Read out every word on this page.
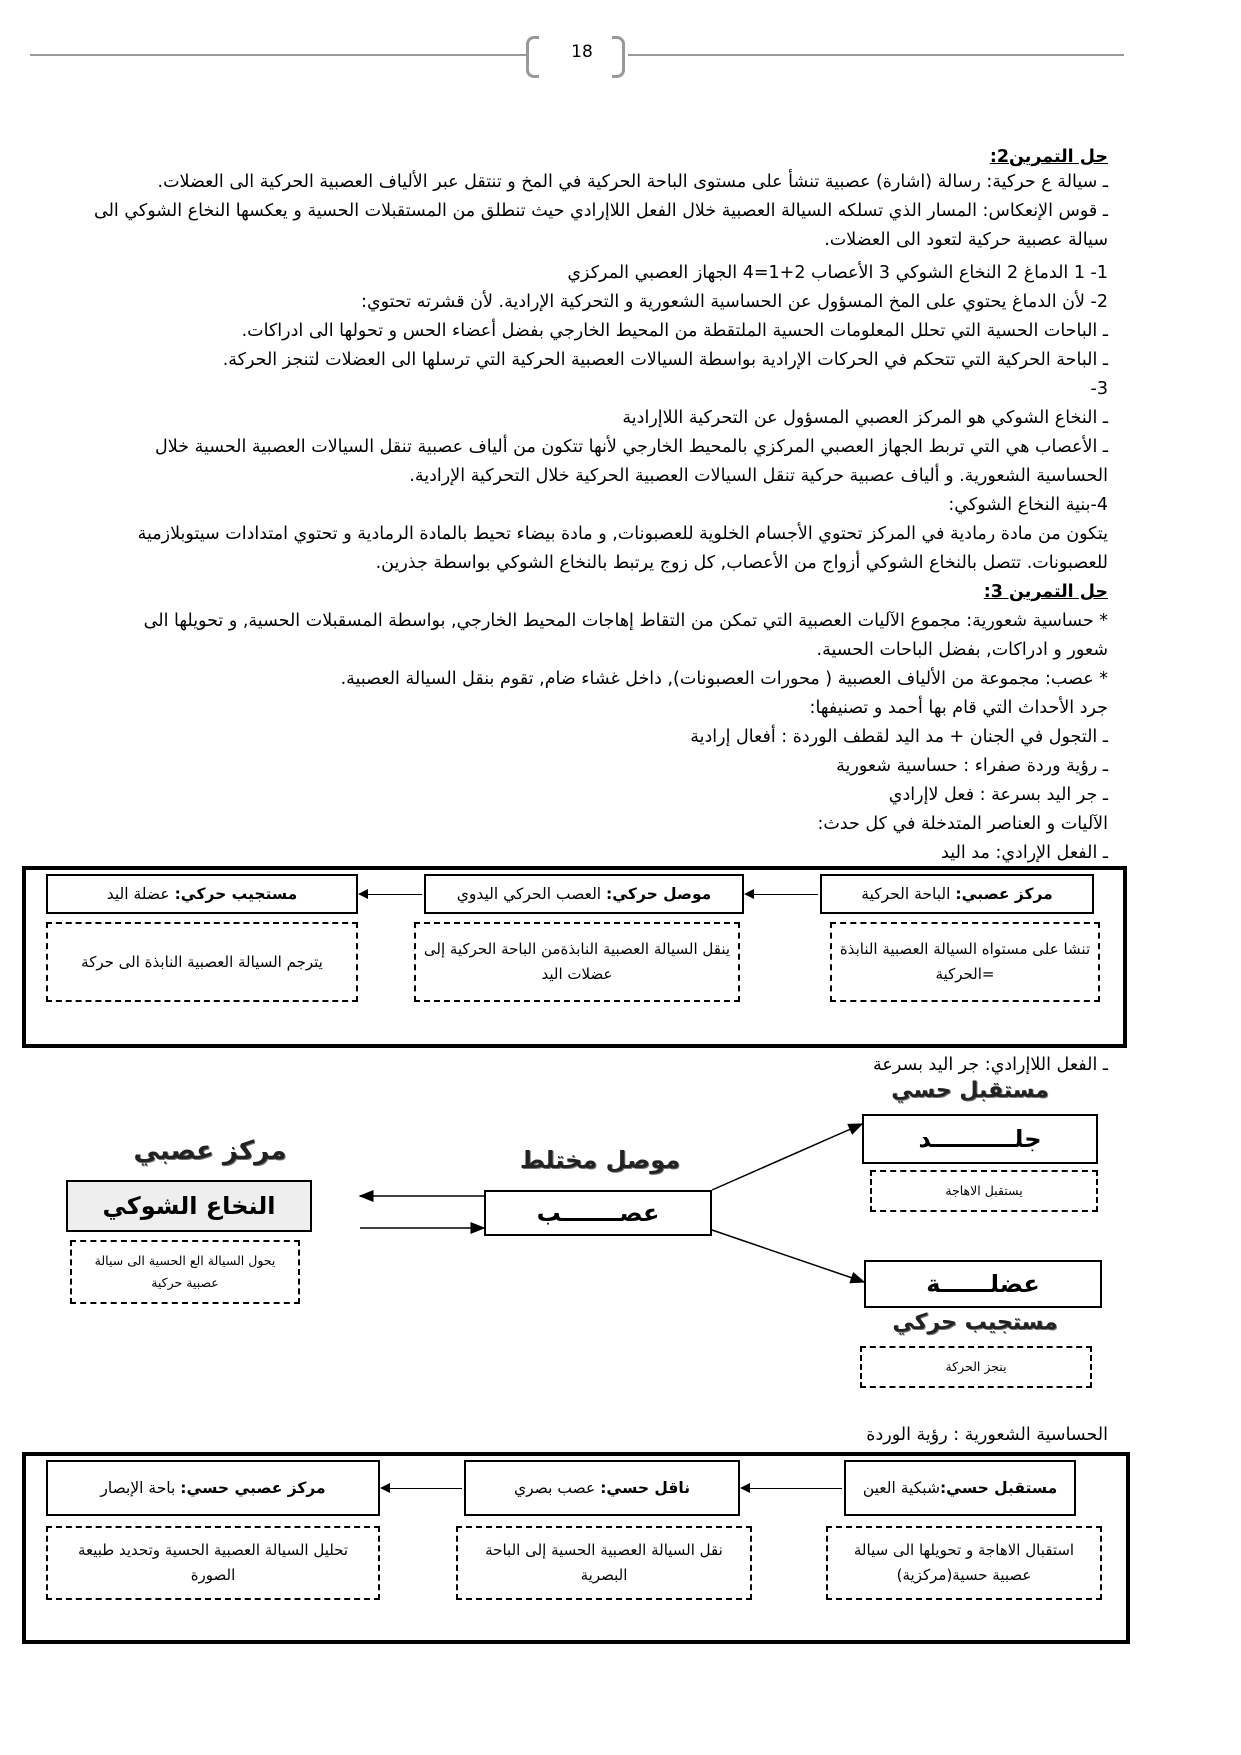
18
حل التمرين2:
ـ سيالة ع حركية: رسالة (اشارة) عصبية تنشأ على مستوى الباحة الحركية في المخ و تنتقل عبر الألياف العصبية الحركية الى العضلات.
ـ قوس الإنعكاس: المسار الذي تسلكه السيالة العصبية خلال الفعل اللاإرادي حيث تنطلق من المستقبلات الحسية و يعكسها النخاع الشوكي الى
سيالة عصبية حركية لتعود الى العضلات.
1- 1 الدماغ 2 النخاع الشوكي 3 الأعصاب 2+1=4 الجهاز العصبي المركزي
2- لأن الدماغ يحتوي على المخ المسؤول عن الحساسية الشعورية و التحركية الإرادية. لأن قشرته تحتوي:
ـ الباحات الحسية التي تحلل المعلومات الحسية الملتقطة من المحيط الخارجي بفضل أعضاء الحس و تحولها الى ادراكات.
ـ الباحة الحركية التي تتحكم في الحركات الإرادية بواسطة السيالات العصبية الحركية التي ترسلها الى العضلات لتنجز الحركة.
3-
ـ النخاع الشوكي هو المركز العصبي المسؤول عن التحركية اللاإرادية
ـ الأعصاب هي التي تربط الجهاز العصبي المركزي بالمحيط الخارجي لأنها تتكون من ألياف عصبية تنقل السيالات العصبية الحسية خلال
الحساسية الشعورية. و ألياف عصبية حركية تنقل السيالات العصبية الحركية خلال التحركية الإرادية.
4-بنية النخاع الشوكي:
يتكون من مادة رمادية في المركز تحتوي الأجسام الخلوية للعصبونات, و مادة بيضاء تحيط بالمادة الرمادية و تحتوي امتدادات سيتوبلازمية
للعصبونات. تتصل بالنخاع الشوكي أزواج من الأعصاب, كل زوج يرتبط بالنخاع الشوكي بواسطة جذرين.
حل التمرين 3:
* حساسية شعورية: مجموع الآليات العصبية التي تمكن من التقاط إهاجات المحيط الخارجي, بواسطة المسقبلات الحسية, و تحويلها الى
شعور و ادراكات, بفضل الباحات الحسية.
* عصب: مجموعة من الألياف العصبية ( محورات العصبونات), داخل غشاء ضام, تقوم بنقل السيالة العصبية.
جرد الأحداث التي قام بها أحمد و تصنيفها:
ـ التجول في الجنان + مد اليد لقطف الوردة : أفعال إرادية
ـ رؤية وردة صفراء : حساسية شعورية
ـ جر اليد بسرعة : فعل لاإرادي
الآليات و العناصر المتدخلة في كل حدث:
ـ الفعل الإرادي: مد اليد
مركز عصبي:

الباحة الحركية
موصل حركي:

العصب الحركي اليدوي
مستجيب حركي:

عضلة اليد
تنشا على مستواه السيالة العصبية النابذة =الحركية
ينقل السيالة العصبية النابذةمن الباحة الحركية إلى عضلات اليد
يترجم السيالة العصبية النابذة الى حركة
ـ الفعل اللاإرادي: جر اليد بسرعة
مستقبل حسي
جلــــــــــد
يستقبل الاهاجة
موصل مختلط
عصـــــــب
مركز عصبي
النخاع الشوكي
يحول السيالة الع الحسية الى سيالة عصبية حركية	عضلــــــة
مستجيب حركي
ينجز الحركة
الحساسية الشعورية : رؤية الوردة
مستقبل حسي:
شبكية العين
ناقل حسي:

عصب بصري
مركز عصبي حسي:

باحة الإبصار
استقبال الاهاجة و تحويلها الى سيالة عصبية حسية(مركزية)
نقل السيالة العصبية الحسية إلى الباحة البصرية
تحليل السيالة العصبية الحسية وتحديد طبيعة الصورة
